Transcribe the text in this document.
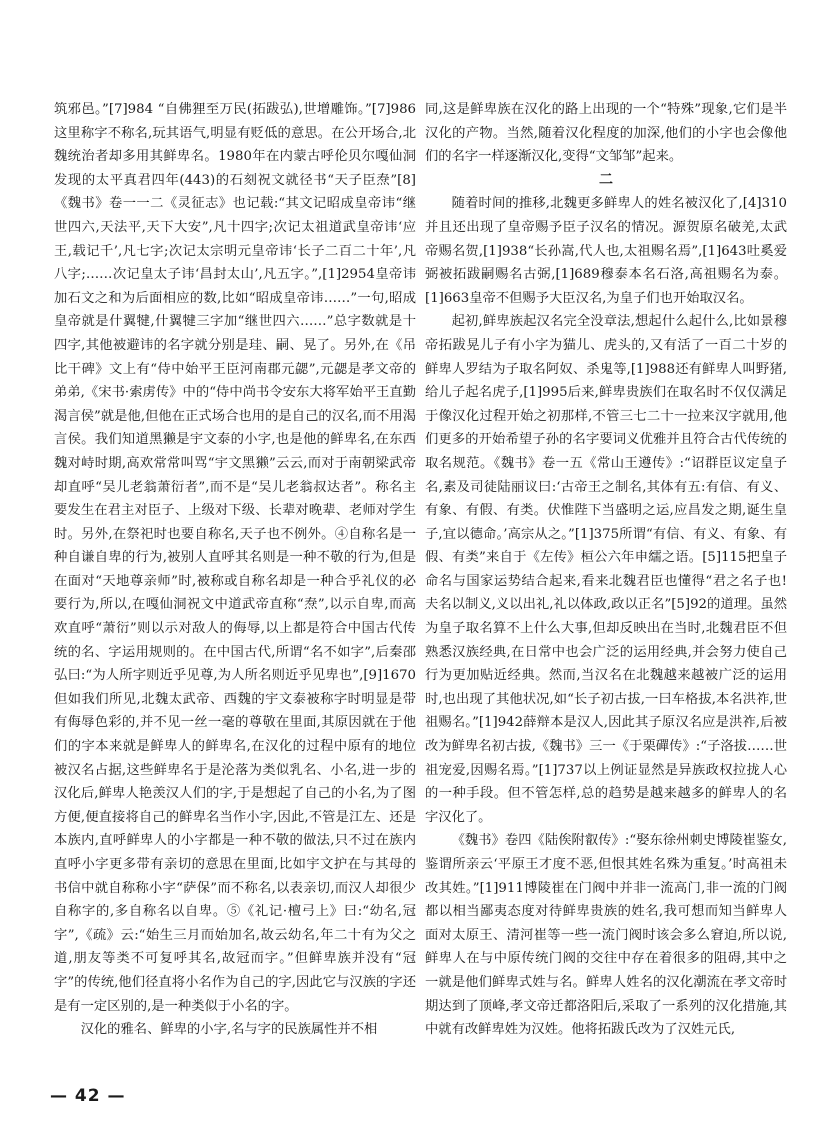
筑邪邑。”[7]984 “自佛狸至万民(拓跋弘),世增雕饰。”[7]986这里称字不称名,玩其语气,明显有贬低的意思。在公开场合,北魏统治者却多用其鲜卑名。1980年在内蒙古呼伦贝尔嘎仙洞发现的太平真君四年(443)的石刻祝文就径书“天子臣焘”[8]《魏书》卷一一二《灵征志》也记载:“其文记昭成皇帝讳“继世四六,天法平,天下大安”,凡十四字;次记太祖道武皇帝讳‘应王,载记千’,凡七字;次记太宗明元皇帝讳‘长子二百二十年’,凡八字;……次记皇太子讳‘昌封太山’,凡五字。”,[1]2954皇帝讳加石文之和为后面相应的数,比如“昭成皇帝讳……”一句,昭成皇帝就是什翼犍,什翼犍三字加“继世四六……”总字数就是十四字,其他被避讳的名字就分别是珪、嗣、晃了。另外,在《吊比干碑》文上有“侍中始平王臣河南郡元勰”,元勰是孝文帝的弟弟,《宋书·索虏传》中的“侍中尚书令安东大将军始平王直勤渴言侯”就是他,但他在正式场合也用的是自己的汉名,而不用渴言侯。我们知道黑獭是宇文泰的小字,也是他的鲜卑名,在东西魏对峙时期,高欢常常叫骂“宇文黑獭”云云,而对于南朝梁武帝却直呼“吴儿老翁萧衍者”,而不是“吴儿老翁叔达者”。称名主要发生在君主对臣子、上级对下级、长辈对晚辈、老师对学生时。另外,在祭祀时也要自称名,天子也不例外。④自称名是一种自谦自卑的行为,被别人直呼其名则是一种不敬的行为,但是在面对“天地尊亲师”时,被称或自称名却是一种合乎礼仪的必要行为,所以,在嘎仙洞祝文中道武帝直称“焘”,以示自卑,而高欢直呼“萧衍”则以示对敌人的侮辱,以上都是符合中国古代传统的名、字运用规则的。在中国古代,所谓“名不如字”,后秦邵弘曰:“为人所字则近乎见尊,为人所名则近乎见卑也”,[9]1670但如我们所见,北魏太武帝、西魏的宇文泰被称字时明显是带有侮辱色彩的,并不见一丝一毫的尊敬在里面,其原因就在于他们的字本来就是鲜卑人的鲜卑名,在汉化的过程中原有的地位被汉名占据,这些鲜卑名于是沦落为类似乳名、小名,进一步的汉化后,鲜卑人艳羡汉人们的字,于是想起了自己的小名,为了图方便,便直接将自己的鲜卑名当作小字,因此,不管是江左、还是本族内,直呼鲜卑人的小字都是一种不敬的做法,只不过在族内直呼小字更多带有亲切的意思在里面,比如宇文护在与其母的书信中就自称称小字“萨保”而不称名,以表亲切,而汉人却很少自称字的,多自称名以自卑。⑤《礼记·檀弓上》曰:“幼名,冠字”,《疏》云:“始生三月而始加名,故云幼名,年二十有为父之道,朋友等类不可复呼其名,故冠而字。”但鲜卑族并没有“冠字”的传统,他们径直将小名作为自己的字,因此它与汉族的字还是有一定区别的,是一种类似于小名的字。

汉化的雅名、鲜卑的小字,名与字的民族属性并不相

同,这是鲜卑族在汉化的路上出现的一个“特殊”现象,它们是半汉化的产物。当然,随着汉化程度的加深,他们的小字也会像他们的名字一样逐渐汉化,变得“文邹邹”起来。

二

随着时间的推移,北魏更多鲜卑人的姓名被汉化了,[4]310并且还出现了皇帝赐予臣子汉名的情况。源贺原名破羌,太武帝赐名贺,[1]938“长孙嵩,代人也,太祖赐名焉”,[1]643吐奚爱弼被拓跋嗣赐名古弼,[1]689穆泰本名石洛,高祖赐名为泰。[1]663皇帝不但赐予大臣汉名,为皇子们也开始取汉名。

起初,鲜卑族起汉名完全没章法,想起什么起什么,比如景穆帝拓跋晃儿子有小字为猫儿、虎头的,又有活了一百二十岁的鲜卑人罗结为子取名阿奴、杀鬼等,[1]988还有鲜卑人叫野猪,给儿子起名虎子,[1]995后来,鲜卑贵族们在取名时不仅仅满足于像汉化过程开始之初那样,不管三七二十一拉来汉字就用,他们更多的开始希望子孙的名字要词义优雅并且符合古代传统的取名规范。《魏书》卷一五《常山王遵传》:“诏群臣议定皇子名,素及司徒陆丽议曰:‘古帝王之制名,其体有五:有信、有义、有象、有假、有类。伏惟陛下当盛明之运,应昌发之期,诞生皇子,宜以德命。’高宗从之。”[1]375所谓“有信、有义、有象、有假、有类”来自于《左传》桓公六年申繻之语。[5]115把皇子命名与国家运势结合起来,看来北魏君臣也懂得“君之名子也!夫名以制义,义以出礼,礼以体政,政以正名”[5]92的道理。虽然为皇子取名算不上什么大事,但却反映出在当时,北魏君臣不但熟悉汉族经典,在日常中也会广泛的运用经典,并会努力使自己行为更加贴近经典。然而,当汉名在北魏越来越被广泛的运用时,也出现了其他状况,如“长子初古拔,一曰车格拔,本名洪祚,世祖赐名。”[1]942薛辩本是汉人,因此其子原汉名应是洪祚,后被改为鲜卑名初古拔,《魏书》三一《于栗磾传》:“子洛拔……世祖宠爱,因赐名焉。”[1]737以上例证显然是异族政权拉拢人心的一种手段。但不管怎样,总的趋势是越来越多的鲜卑人的名字汉化了。

《魏书》卷四《陆俟附叡传》:“娶东徐州刺史博陵崔鉴女,鉴谓所亲云‘平原王才度不恶,但恨其姓名殊为重复。’时高祖未改其姓。”[1]911博陵崔在门阀中并非一流高门,非一流的门阀都以相当鄙夷态度对待鲜卑贵族的姓名,我可想而知当鲜卑人面对太原王、清河崔等一些一流门阀时该会多么窘迫,所以说,鲜卑人在与中原传统门阀的交往中存在着很多的阻碍,其中之一就是他们鲜卑式姓与名。鲜卑人姓名的汉化潮流在孝文帝时期达到了顶峰,孝文帝迁都洛阳后,采取了一系列的汉化措施,其中就有改鲜卑姓为汉姓。他将拓跋氏改为了汉姓元氏,

— 42 —
